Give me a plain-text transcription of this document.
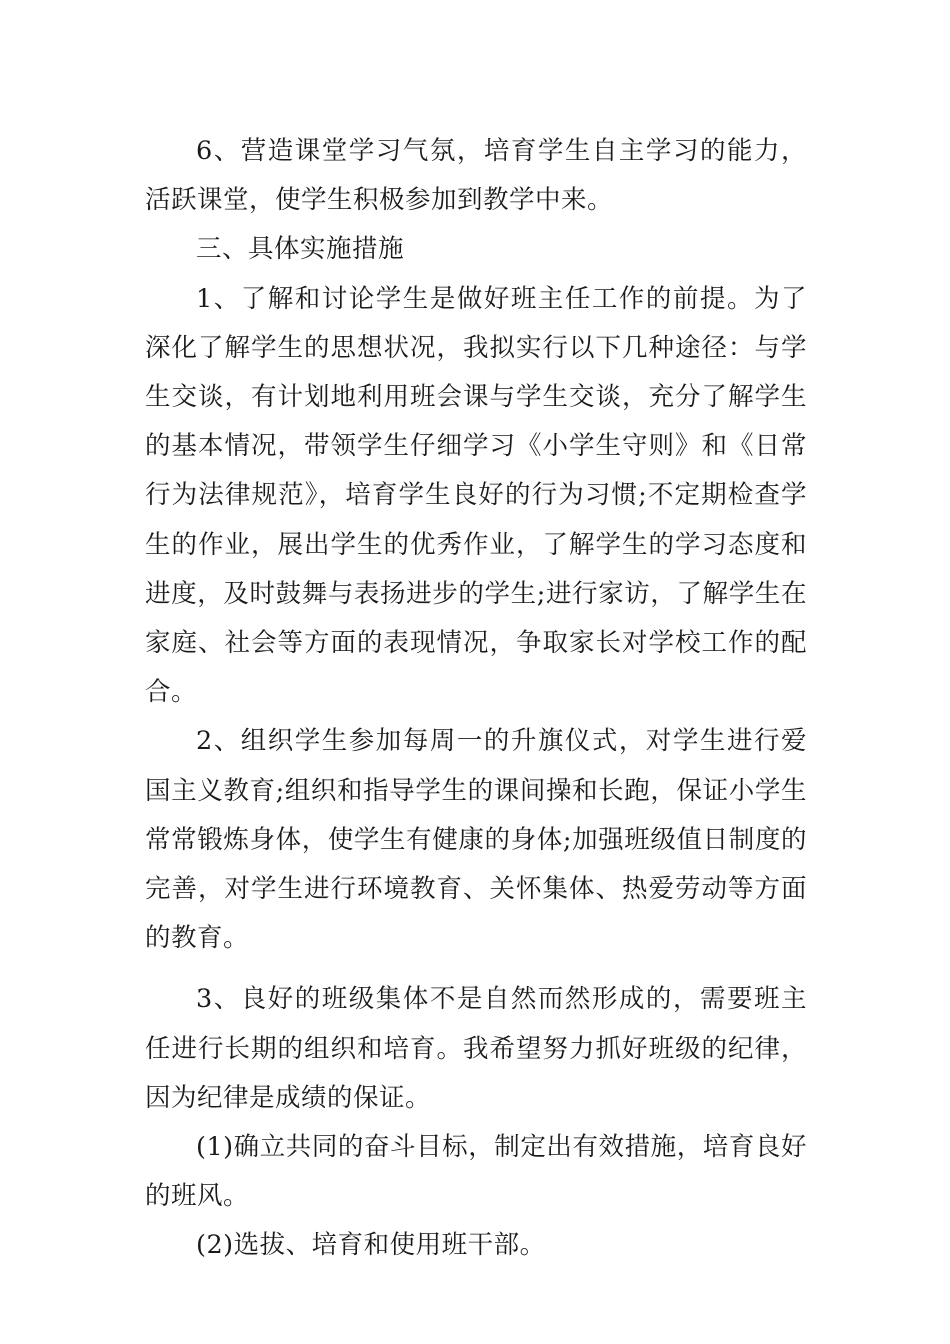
6、营造课堂学习气氛，培育学生自主学习的能力，活跃课堂，使学生积极参加到教学中来。

三、具体实施措施

1、了解和讨论学生是做好班主任工作的前提。为了深化了解学生的思想状况，我拟实行以下几种途径：与学生交谈，有计划地利用班会课与学生交谈，充分了解学生的基本情况，带领学生仔细学习《小学生守则》和《日常行为法律规范》，培育学生良好的行为习惯;不定期检查学生的作业，展出学生的优秀作业，了解学生的学习态度和进度，及时鼓舞与表扬进步的学生;进行家访，了解学生在家庭、社会等方面的表现情况，争取家长对学校工作的配合。

2、组织学生参加每周一的升旗仪式，对学生进行爱国主义教育;组织和指导学生的课间操和长跑，保证小学生常常锻炼身体，使学生有健康的身体;加强班级值日制度的完善，对学生进行环境教育、关怀集体、热爱劳动等方面的教育。

3、良好的班级集体不是自然而然形成的，需要班主任进行长期的组织和培育。我希望努力抓好班级的纪律，因为纪律是成绩的保证。

(1)确立共同的奋斗目标，制定出有效措施，培育良好的班风。

(2)选拔、培育和使用班干部。
